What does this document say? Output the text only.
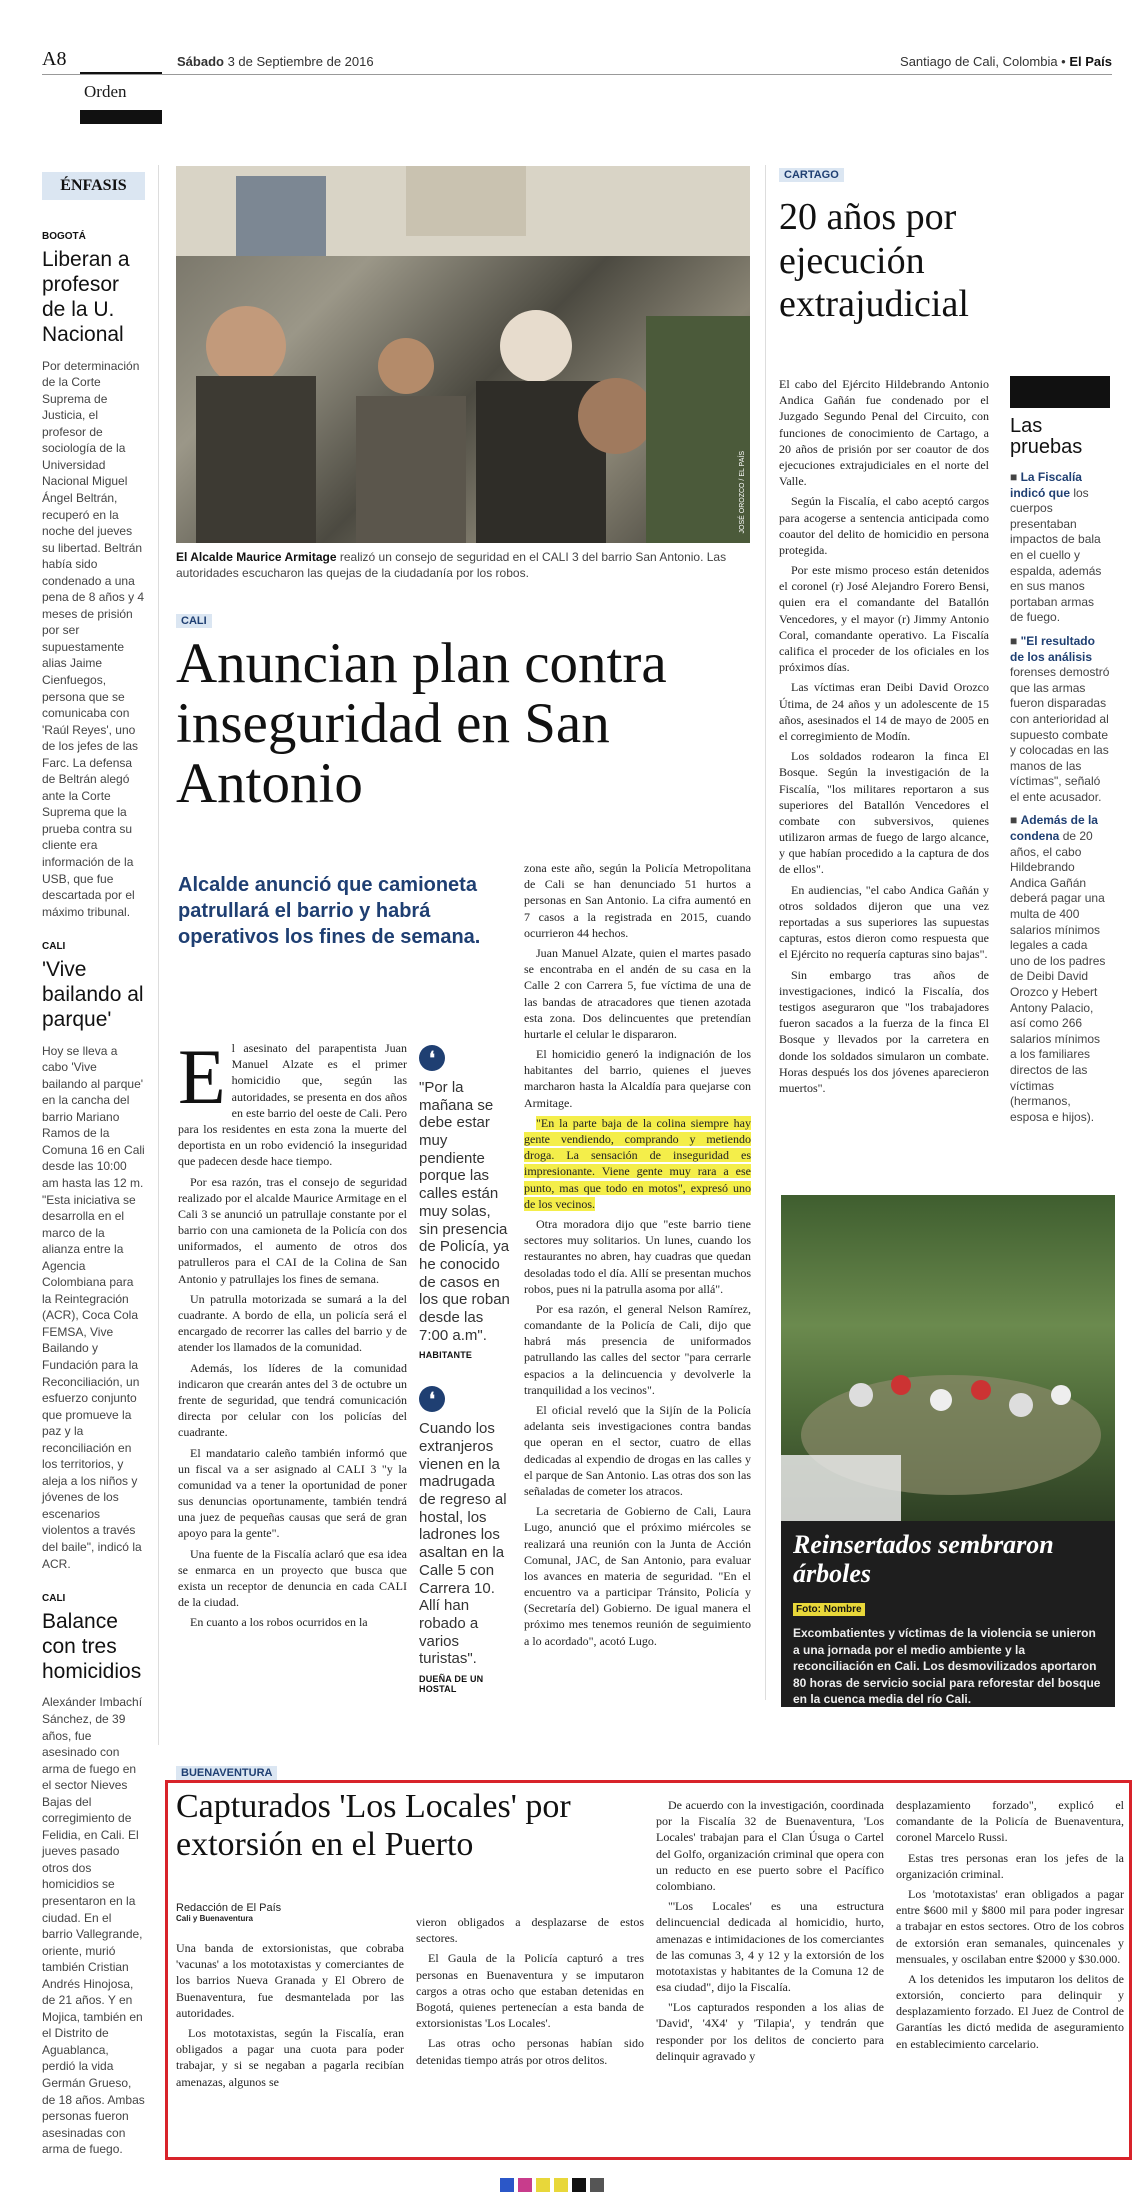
A8	Sábado 3 de Septiembre de 2016	Santiago de Cali, Colombia • El País
Orden
ÉNFASIS
BOGOTÁ
Liberan a profesor de la U. Nacional
Por determinación de la Corte Suprema de Justicia, el profesor de sociología de la Universidad Nacional Miguel Ángel Beltrán, recuperó en la noche del jueves su libertad. Beltrán había sido condenado a una pena de 8 años y 4 meses de prisión por ser supuestamente alias Jaime Cienfuegos, persona que se comunicaba con 'Raúl Reyes', uno de los jefes de las Farc. La defensa de Beltrán alegó ante la Corte Suprema que la prueba contra su cliente era información de la USB, que fue descartada por el máximo tribunal.
CALI
'Vive bailando al parque'
Hoy se lleva a cabo 'Vive bailando al parque' en la cancha del barrio Mariano Ramos de la Comuna 16 en Cali desde las 10:00 am hasta las 12 m. "Esta iniciativa se desarrolla en el marco de la alianza entre la Agencia Colombiana para la Reintegración (ACR), Coca Cola FEMSA, Vive Bailando y Fundación para la Reconciliación, un esfuerzo conjunto que promueve la paz y la reconciliación en los territorios, y aleja a los niños y jóvenes de los escenarios violentos a través del baile", indicó la ACR.
CALI
Balance con tres homicidios
Alexánder Imbachí Sánchez, de 39 años, fue asesinado con arma de fuego en el sector Nieves Bajas del corregimiento de Felidia, en Cali. El jueves pasado otros dos homicidios se presentaron en la ciudad. En el barrio Vallegrande, oriente, murió también Cristian Andrés Hinojosa, de 21 años. Y en Mojica, también en el Distrito de Aguablanca, perdió la vida Germán Grueso, de 18 años. Ambas personas fueron asesinadas con arma de fuego.
JOSÉ OROZCO / EL PAÍS
El Alcalde Maurice Armitage realizó un consejo de seguridad en el CALI 3 del barrio San Antonio. Las autoridades escucharon las quejas de la ciudadanía por los robos.
CALI
Anuncian plan contra inseguridad en San Antonio
Alcalde anunció que camioneta patrullará el barrio y habrá operativos los fines de semana.
E l asesinato del parapentista Juan Manuel Alzate es el primer homicidio que, según las autoridades, se presenta en dos años en este barrio del oeste de Cali. Pero para los residentes en esta zona la muerte del deportista en un robo evidenció la inseguridad que padecen desde hace tiempo.

Por esa razón, tras el consejo de seguridad realizado por el alcalde Maurice Armitage en el Cali 3 se anunció un patrullaje constante por el barrio con una camioneta de la Policía con dos uniformados, el aumento de otros dos patrulleros para el CAI de la Colina de San Antonio y patrullajes los fines de semana.

Un patrulla motorizada se sumará a la del cuadrante. A bordo de ella, un policía será el encargado de recorrer las calles del barrio y de atender los llamados de la comunidad.

Además, los líderes de la comunidad indicaron que crearán antes del 3 de octubre un frente de seguridad, que tendrá comunicación directa por celular con los policías del cuadrante.

El mandatario caleño también informó que un fiscal va a ser asignado al CALI 3 "y la comunidad va a tener la oportunidad de poner sus denuncias oportunamente, también tendrá una juez de pequeñas causas que será de gran apoyo para la gente".

Una fuente de la Fiscalía aclaró que esa idea se enmarca en un proyecto que busca que exista un receptor de denuncia en cada CALI de la ciudad.

En cuanto a los robos ocurridos en la

❛
"Por la mañana se debe estar muy pendiente porque las calles están muy solas, sin presencia de Policía, ya he conocido de casos en los que roban desde las 7:00 a.m".
HABITANTE
❛
Cuando los extranjeros vienen en la madrugada de regreso al hostal, los ladrones los asaltan en la Calle 5 con Carrera 10. Allí han robado a varios turistas".
DUEÑA DE UN HOSTAL

zona este año, según la Policía Metropolitana de Cali se han denunciado 51 hurtos a personas en San Antonio. La cifra aumentó en 7 casos a la registrada en 2015, cuando ocurrieron 44 hechos.

Juan Manuel Alzate, quien el martes pasado se encontraba en el andén de su casa en la Calle 2 con Carrera 5, fue víctima de una de las bandas de atracadores que tienen azotada esta zona. Dos delincuentes que pretendían hurtarle el celular le dispararon.

El homicidio generó la indignación de los habitantes del barrio, quienes el jueves marcharon hasta la Alcaldía para quejarse con Armitage.

"En la parte baja de la colina siempre hay gente vendiendo, comprando y metiendo droga. La sensación de inseguridad es impresionante. Viene gente muy rara a ese punto, mas que todo en motos", expresó uno de los vecinos.

Otra moradora dijo que "este barrio tiene sectores muy solitarios. Un lunes, cuando los restaurantes no abren, hay cuadras que quedan desoladas todo el día. Allí se presentan muchos robos, pues ni la patrulla asoma por allá".

Por esa razón, el general Nelson Ramírez, comandante de la Policía de Cali, dijo que habrá más presencia de uniformados patrullando las calles del sector "para cerrarle espacios a la delincuencia y devolverle la tranquilidad a los vecinos".

El oficial reveló que la Sijín de la Policía adelanta seis investigaciones contra bandas que operan en el sector, cuatro de ellas dedicadas al expendio de drogas en las calles y el parque de San Antonio. Las otras dos son las señaladas de cometer los atracos.

La secretaria de Gobierno de Cali, Laura Lugo, anunció que el próximo miércoles se realizará una reunión con la Junta de Acción Comunal, JAC, de San Antonio, para evaluar los avances en materia de seguridad. "En el encuentro va a participar Tránsito, Policía y (Secretaría del) Gobierno. De igual manera el próximo mes tenemos reunión de seguimiento a lo acordado", acotó Lugo.

CARTAGO
20 años por ejecución extrajudicial

El cabo del Ejército Hildebrando Antonio Andica Gañán fue condenado por el Juzgado Segundo Penal del Circuito, con funciones de conocimiento de Cartago, a 20 años de prisión por ser coautor de dos ejecuciones extrajudiciales en el norte del Valle.

Según la Fiscalía, el cabo aceptó cargos para acogerse a sentencia anticipada como coautor del delito de homicidio en persona protegida.

Por este mismo proceso están detenidos el coronel (r) José Alejandro Forero Bensi, quien era el comandante del Batallón Vencedores, y el mayor (r) Jimmy Antonio Coral, comandante operativo. La Fiscalía califica el proceder de los oficiales en los próximos días.

Las víctimas eran Deibi David Orozco Útima, de 24 años y un adolescente de 15 años, asesinados el 14 de mayo de 2005 en el corregimiento de Modín.

Los soldados rodearon la finca El Bosque. Según la investigación de la Fiscalía, "los militares reportaron a sus superiores del Batallón Vencedores el combate con subversivos, quienes utilizaron armas de fuego de largo alcance, y que habían procedido a la captura de dos de ellos".

En audiencias, "el cabo Andica Gañán y otros soldados dijeron que una vez reportadas a sus superiores las supuestas capturas, estos dieron como respuesta que el Ejército no requería capturas sino bajas".

Sin embargo tras años de investigaciones, indicó la Fiscalía, dos testigos aseguraron que "los trabajadores fueron sacados a la fuerza de la finca El Bosque y llevados por la carretera en donde los soldados simularon un combate. Horas después los dos jóvenes aparecieron muertos".

Las pruebas
■ La Fiscalía indicó que los cuerpos presentaban impactos de bala en el cuello y espalda, además en sus manos portaban armas de fuego.
■ "El resultado de los análisis forenses demostró que las armas fueron disparadas con anterioridad al supuesto combate y colocadas en las manos de las víctimas", señaló el ente acusador.
■ Además de la condena de 20 años, el cabo Hildebrando Andica Gañán deberá pagar una multa de 400 salarios mínimos legales a cada uno de los padres de Deibi David Orozco y Hebert Antony Palacio, así como 266 salarios mínimos a los familiares directos de las víctimas (hermanos, esposa e hijos).
Reinsertados sembraron árboles
Foto: Nombre
Excombatientes y víctimas de la violencia se unieron a una jornada por el medio ambiente y la reconciliación en Cali. Los desmovilizados aportaron 80 horas de servicio social para reforestar del bosque en la cuenca media del río Cali.
BUENAVENTURA
Capturados 'Los Locales' por extorsión en el Puerto
Redacción de El País
Cali y Buenaventura

Una banda de extorsionistas, que cobraba 'vacunas' a los mototaxistas y comerciantes de los barrios Nueva Granada y El Obrero de Buenaventura, fue desmantelada por las autoridades.

Los mototaxistas, según la Fiscalía, eran obligados a pagar una cuota para poder trabajar, y si se negaban a pagarla recibían amenazas, algunos se

vieron obligados a desplazarse de estos sectores.

El Gaula de la Policía capturó a tres personas en Buenaventura y se imputaron cargos a otras ocho que estaban detenidas en Bogotá, quienes pertenecían a esta banda de extorsionistas 'Los Locales'.

Las otras ocho personas habían sido detenidas tiempo atrás por otros delitos.

De acuerdo con la investigación, coordinada por la Fiscalía 32 de Buenaventura, 'Los Locales' trabajan para el Clan Úsuga o Cartel del Golfo, organización criminal que opera con un reducto en ese puerto sobre el Pacífico colombiano.

"'Los Locales' es una estructura delincuencial dedicada al homicidio, hurto, amenazas e intimidaciones de los comerciantes de las comunas 3, 4 y 12 y la extorsión de los mototaxistas y habitantes de la Comuna 12 de esa ciudad", dijo la Fiscalía.

"Los capturados responden a los alias de 'David', '4X4' y 'Tilapia', y tendrán que responder por los delitos de concierto para delinquir agravado y

desplazamiento forzado", explicó el comandante de la Policía de Buenaventura, coronel Marcelo Russi.

Estas tres personas eran los jefes de la organización criminal.

Los 'mototaxistas' eran obligados a pagar entre $600 mil y $800 mil para poder ingresar a trabajar en estos sectores. Otro de los cobros de extorsión eran semanales, quincenales y mensuales, y oscilaban entre $2000 y $30.000.

A los detenidos les imputaron los delitos de extorsión, concierto para delinquir y desplazamiento forzado. El Juez de Control de Garantías les dictó medida de aseguramiento en establecimiento carcelario.
